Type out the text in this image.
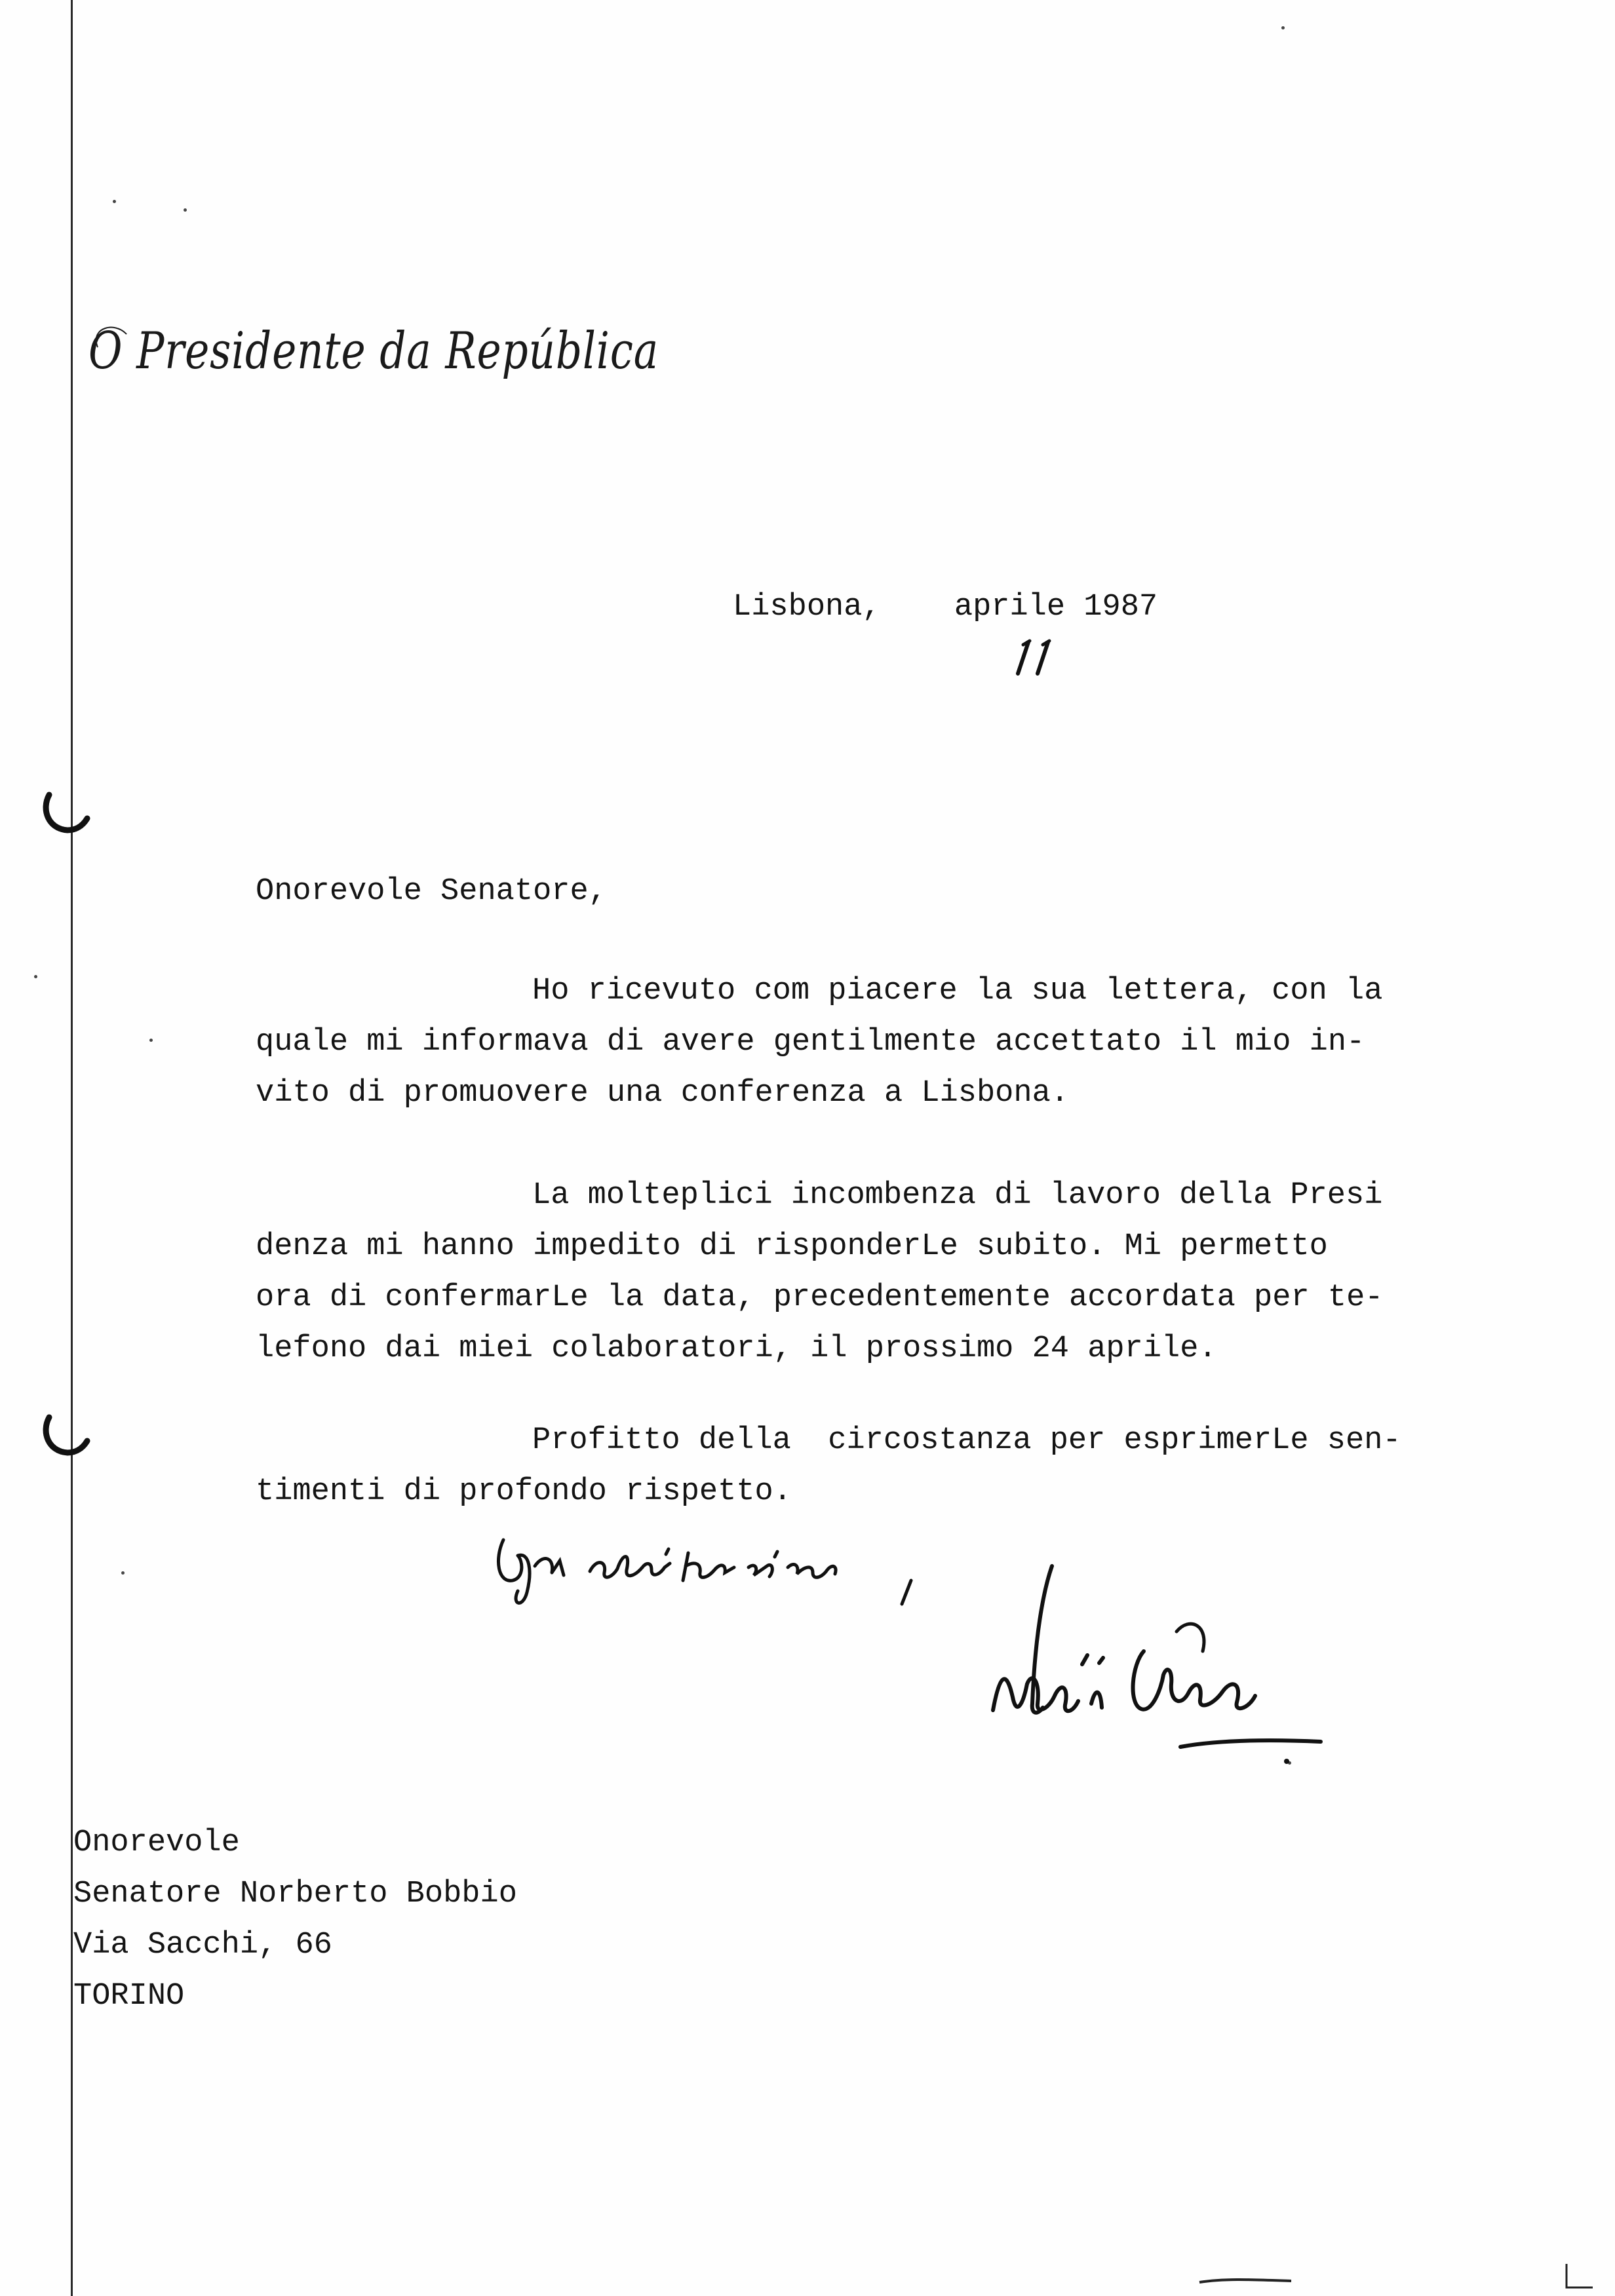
O Presidente da República
Lisbona,

aprile 1987
Onorevole Senatore,
Ho ricevuto com piacere la sua lettera, con la
quale mi informava di avere gentilmente accettato il mio in-
vito di promuovere una conferenza a Lisbona.
La molteplici incombenza di lavoro della Presi
denza mi hanno impedito di risponderLe subito. Mi permetto
ora di confermarLe la data, precedentemente accordata per te-
lefono dai miei colaboratori, il prossimo 24 aprile.
Profitto della  circostanza per esprimerLe sen-
timenti di profondo rispetto.
Onorevole
Senatore Norberto Bobbio
Via Sacchi, 66
TORINO
